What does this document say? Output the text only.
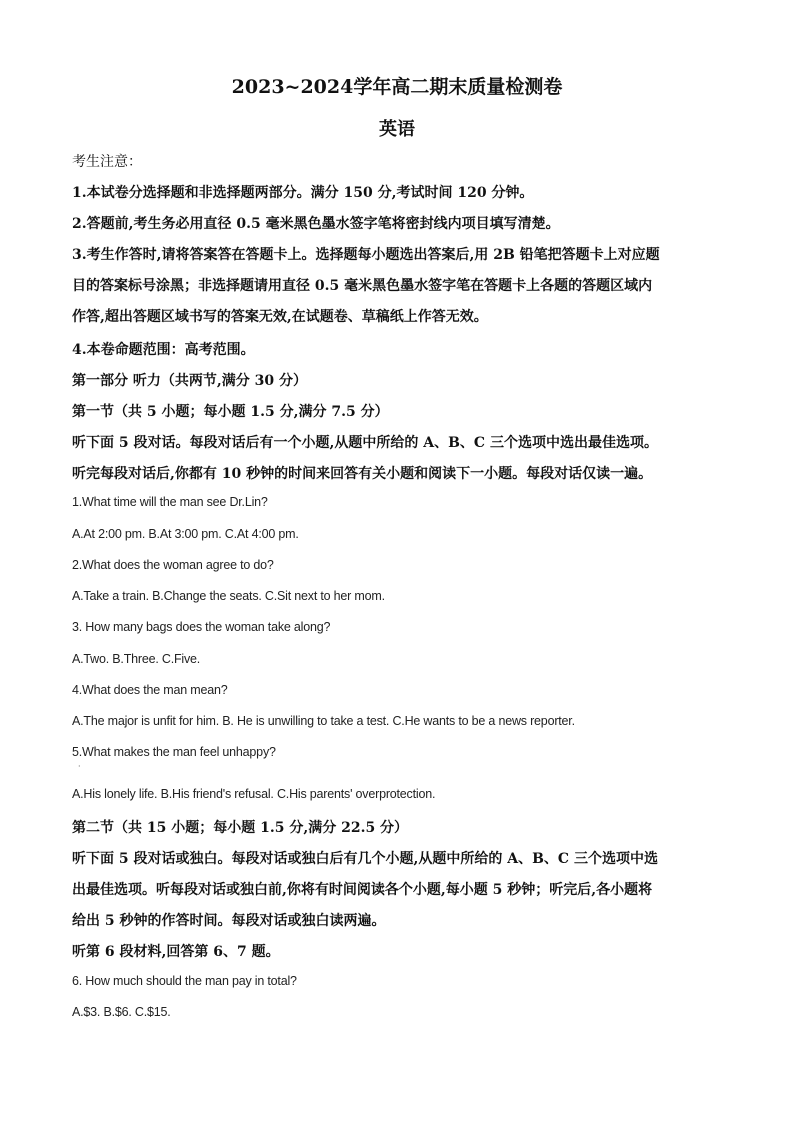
2023~2024学年高二期末质量检测卷
英语
考生注意：
1.本试卷分选择题和非选择题两部分。满分 150 分,考试时间 120 分钟。
2.答题前,考生务必用直径 0.5 毫米黑色墨水签字笔将密封线内项目填写清楚。
3.考生作答时,请将答案答在答题卡上。选择题每小题选出答案后,用 2B 铅笔把答题卡上对应题
目的答案标号涂黑；非选择题请用直径 0.5 毫米黑色墨水签字笔在答题卡上各题的答题区域内
作答,超出答题区域书写的答案无效,在试题卷、草稿纸上作答无效。
4.本卷命题范围：高考范围。
第一部分 听力（共两节,满分 30 分）
第一节（共 5 小题；每小题 1.5 分,满分 7.5 分）
听下面 5 段对话。每段对话后有一个小题,从题中所给的 A、B、C 三个选项中选出最佳选项。
听完每段对话后,你都有 10 秒钟的时间来回答有关小题和阅读下一小题。每段对话仅读一遍。
1.What time will the man see Dr.Lin?
A.At 2:00 pm. B.At 3:00 pm. C.At 4:00 pm.
2.What does the woman agree to do?
A.Take a train. B.Change the seats. C.Sit next to her mom.
3. How many bags does the woman take along?
A.Two. B.Three. C.Five.
4.What does the man mean?
A.The major is unfit for him. B. He is unwilling to take a test. C.He wants to be a news reporter.
5.What makes the man feel unhappy?
·
A.His lonely life. B.His friend's refusal. C.His parents' overprotection.
第二节（共 15 小题；每小题 1.5 分,满分 22.5 分）
听下面 5 段对话或独白。每段对话或独白后有几个小题,从题中所给的 A、B、C 三个选项中选
出最佳选项。听每段对话或独白前,你将有时间阅读各个小题,每小题 5 秒钟；听完后,各小题将
给出 5 秒钟的作答时间。每段对话或独白读两遍。
听第 6 段材料,回答第 6、7 题。
6. How much should the man pay in total?
A.$3. B.$6. C.$15.
